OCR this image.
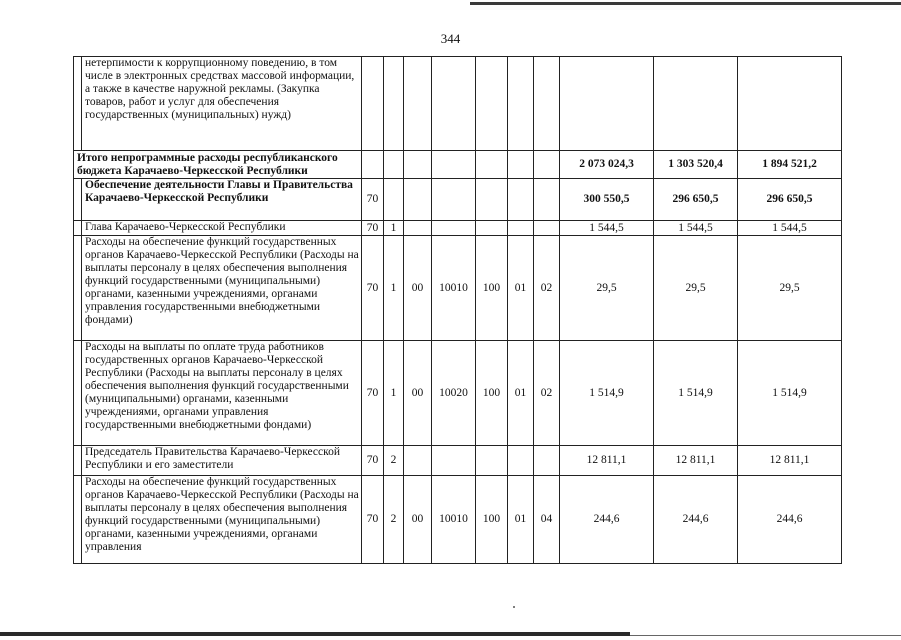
344
	нетерпимости к коррупционному поведению, в том числе в электронных средствах массовой информации, а также в качестве наружной рекламы. (Закупка товаров, работ и услуг для обеспечения государственных (муниципальных) нужд)										
Итого непрограммные расходы республиканского бюджета Карачаево-Черкесской Республики									2 073 024,3	1 303 520,4	1 894 521,2
	Обеспечение деятельности Главы и Правительства Карачаево-Черкесской Республики	70							300 550,5	296 650,5	296 650,5
	Глава Карачаево-Черкесской Республики	70	1						1 544,5	1 544,5	1 544,5
	Расходы на обеспечение функций государственных органов Карачаево-Черкесской Республики (Расходы на выплаты персоналу в целях обеспечения выполнения функций государственными (муниципальными) органами, казенными учреждениями, органами управления государственными внебюджетными фондами)	70	1	00	10010	100	01	02	29,5	29,5	29,5
	Расходы на выплаты по оплате труда работников государственных органов Карачаево-Черкесской Республики (Расходы на выплаты персоналу в целях обеспечения выполнения функций государственными (муниципальными) органами, казенными учреждениями, органами управления государственными внебюджетными фондами)	70	1	00	10020	100	01	02	1 514,9	1 514,9	1 514,9
	Председатель Правительства Карачаево-Черкесской Республики и его заместители	70	2						12 811,1	12 811,1	12 811,1
	Расходы на обеспечение функций государственных органов Карачаево-Черкесской Республики (Расходы на выплаты персоналу в целях обеспечения выполнения функций государственными (муниципальными) органами, казенными учреждениями, органами управления	70	2	00	10010	100	01	04	244,6	244,6	244,6
